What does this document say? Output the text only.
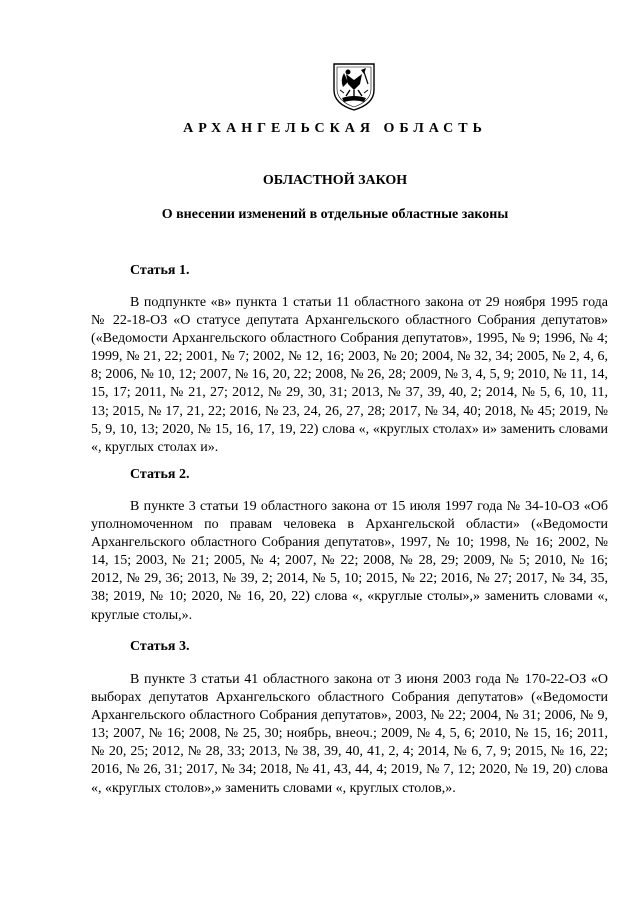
АРХАНГЕЛЬСКАЯ ОБЛАСТЬ
ОБЛАСТНОЙ ЗАКОН
О внесении изменений в отдельные областные законы
Статья 1.

В подпункте «в» пункта 1 статьи 11 областного закона от 29 ноября 1995 года № 22-18-ОЗ «О статусе депутата Архангельского областного Собрания депутатов» («Ведомости Архангельского областного Собрания депутатов», 1995, № 9; 1996, № 4; 1999, № 21, 22; 2001, № 7; 2002, № 12, 16; 2003, № 20; 2004, № 32, 34; 2005, № 2, 4, 6, 8; 2006, № 10, 12; 2007, № 16, 20, 22; 2008, № 26, 28; 2009, № 3, 4, 5, 9; 2010, № 11, 14, 15, 17; 2011, № 21, 27; 2012, № 29, 30, 31; 2013, № 37, 39, 40, 2; 2014, № 5, 6, 10, 11, 13; 2015, № 17, 21, 22; 2016, № 23, 24, 26, 27, 28; 2017, № 34, 40; 2018, № 45; 2019, № 5, 9, 10, 13; 2020, № 15, 16, 17, 19, 22) слова «, «круглых столах» и» заменить словами «, круглых столах и».

Статья 2.

В пункте 3 статьи 19 областного закона от 15 июля 1997 года № 34-10-ОЗ «Об уполномоченном по правам человека в Архангельской области» («Ведомости Архангельского областного Собрания депутатов», 1997, № 10; 1998, № 16; 2002, № 14, 15; 2003, № 21; 2005, № 4; 2007, № 22; 2008, № 28, 29; 2009, № 5; 2010, № 16; 2012, № 29, 36; 2013, № 39, 2; 2014, № 5, 10; 2015, № 22; 2016, № 27; 2017, № 34, 35, 38; 2019, № 10; 2020, № 16, 20, 22) слова «, «круглые столы»,» заменить словами «, круглые столы,».

Статья 3.

В пункте 3 статьи 41 областного закона от 3 июня 2003 года № 170-22-ОЗ «О выборах депутатов Архангельского областного Собрания депутатов» («Ведомости Архангельского областного Собрания депутатов», 2003, № 22; 2004, № 31; 2006, № 9, 13; 2007, № 16; 2008, № 25, 30; ноябрь, внеоч.; 2009, № 4, 5, 6; 2010, № 15, 16; 2011, № 20, 25; 2012, № 28, 33; 2013, № 38, 39, 40, 41, 2, 4; 2014, № 6, 7, 9; 2015, № 16, 22; 2016, № 26, 31; 2017, № 34; 2018, № 41, 43, 44, 4; 2019, № 7, 12; 2020, № 19, 20) слова «, «круглых столов»,» заменить словами «, круглых столов,».
